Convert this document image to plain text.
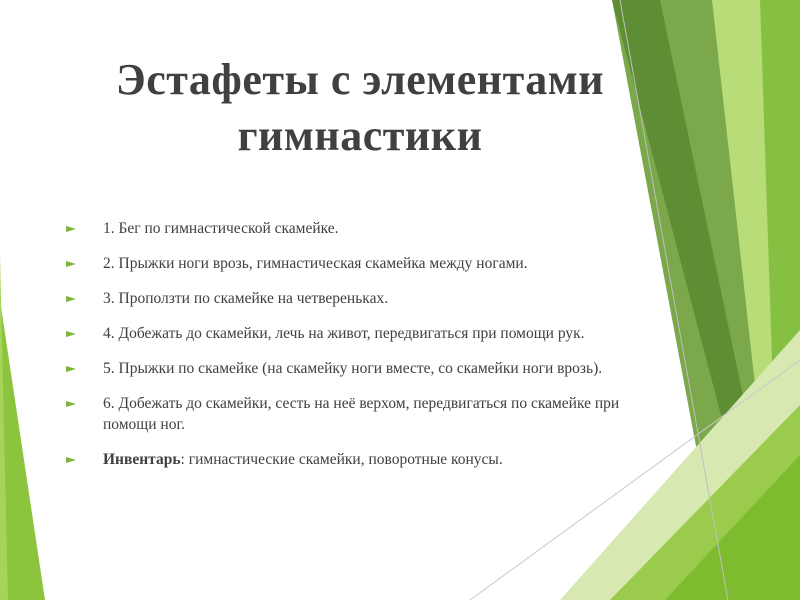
Эстафеты с элементами
гимнастики
1. Бег по гимнастической скамейке.
2. Прыжки ноги врозь, гимнастическая скамейка между ногами.
3. Проползти по скамейке на четвереньках.
4. Добежать до скамейки, лечь на живот, передвигаться при помощи рук.
5. Прыжки по скамейке (на скамейку ноги вместе, со скамейки ноги врозь).
6. Добежать до скамейки, сесть на неё верхом, передвигаться по скамейке при помощи ног.
Инвентарь: гимнастические скамейки, поворотные конусы.
